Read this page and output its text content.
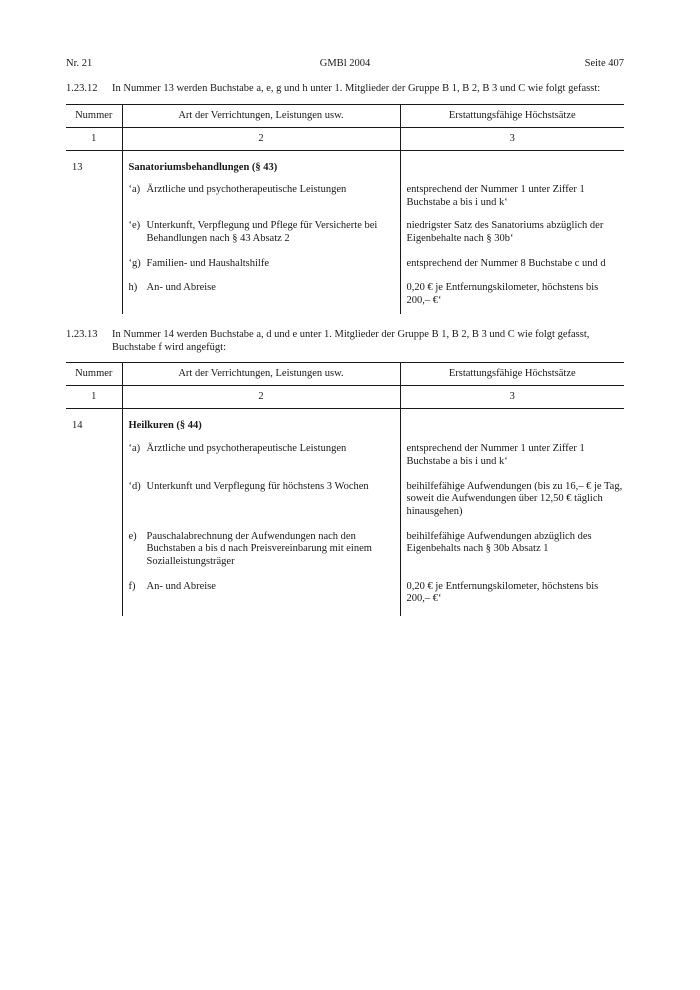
Nr. 21	GMBl 2004	Seite 407
1.23.12 In Nummer 13 werden Buchstabe a, e, g und h unter 1. Mitglieder der Gruppe B 1, B 2, B 3 und C wie folgt gefasst:
Nummer	Art der Verrichtungen, Leistungen usw.	Erstattungsfähige Höchstsätze
1	2	3
13	Sanatoriumsbehandlungen (§ 43)	

	‘a) Ärztliche und psychotherapeutische Leistungen	entsprechend der Nummer 1 unter Ziffer 1 Buchstabe a bis i und k‘

	‘e) Unterkunft, Verpflegung und Pflege für Versicherte bei Behandlungen nach § 43 Absatz 2	niedrigster Satz des Sanatoriums abzüglich der Eigenbehalte nach § 30b‘

	‘g) Familien- und Haushaltshilfe	entsprechend der Nummer 8 Buchstabe c und d

	h) An- und Abreise	0,20 € je Entfernungskilometer, höchstens bis 200,– €‘
1.23.13 In Nummer 14 werden Buchstabe a, d und e unter 1. Mitglieder der Gruppe B 1, B 2, B 3 und C wie folgt gefasst, Buchstabe f wird angefügt:
Nummer	Art der Verrichtungen, Leistungen usw.	Erstattungsfähige Höchstsätze
1	2	3
14	Heilkuren (§ 44)	

	‘a) Ärztliche und psychotherapeutische Leistungen	entsprechend der Nummer 1 unter Ziffer 1 Buchstabe a bis i und k‘

	‘d) Unterkunft und Verpflegung für höchstens 3 Wochen	beihilfefähige Aufwendungen (bis zu 16,– € je Tag, soweit die Aufwendungen über 12,50 € täglich hinausgehen)

	e) Pauschalabrechnung der Aufwendungen nach den Buchstaben a bis d nach Preisvereinbarung mit einem Sozialleistungsträger	beihilfefähige Aufwendungen abzüglich des Eigenbehalts nach § 30b Absatz 1

	f) An- und Abreise	0,20 € je Entfernungskilometer, höchstens bis 200,– €‘
